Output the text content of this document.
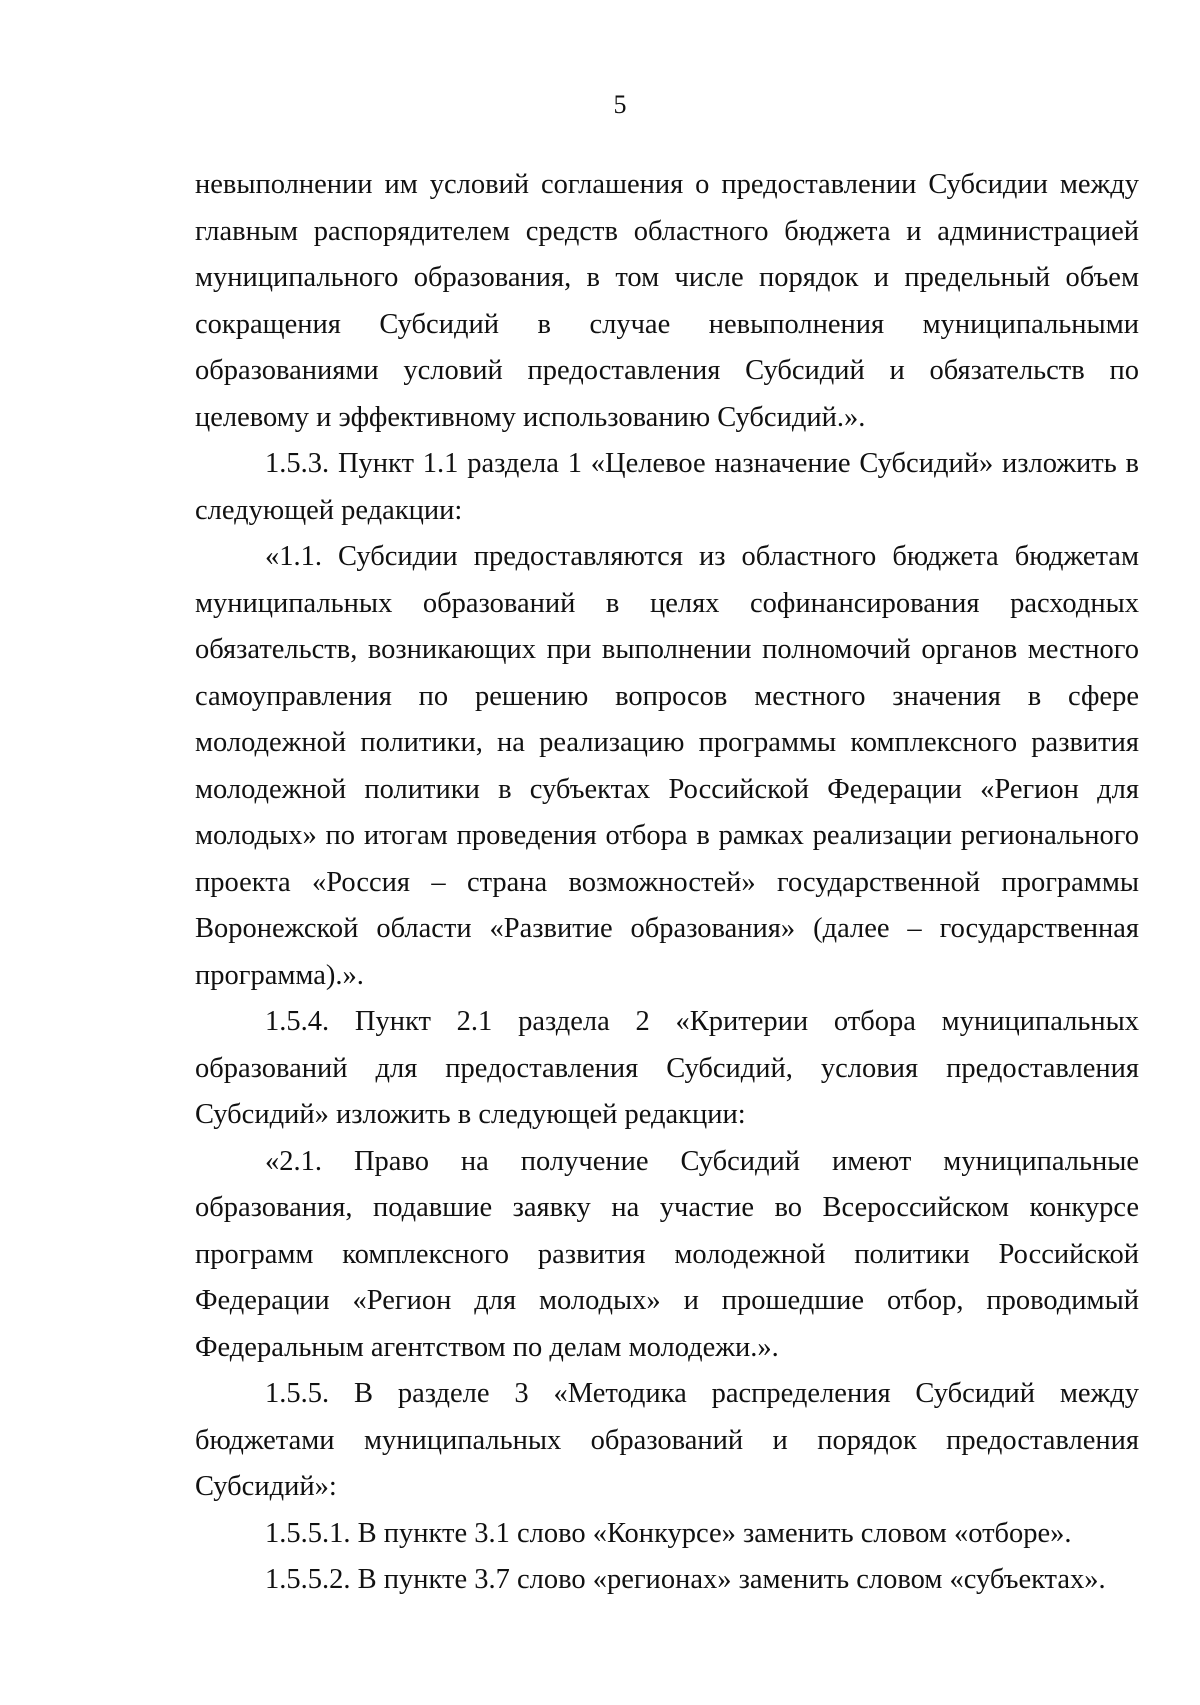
5

невыполнении им условий соглашения о предоставлении Субсидии между главным распорядителем средств областного бюджета и администрацией муниципального образования, в том числе порядок и предельный объем сокращения Субсидий в случае невыполнения муниципальными образованиями условий предоставления Субсидий и обязательств по целевому и эффективному использованию Субсидий.».

1.5.3. Пункт 1.1 раздела 1 «Целевое назначение Субсидий» изложить в следующей редакции:

«1.1. Субсидии предоставляются из областного бюджета бюджетам муниципальных образований в целях софинансирования расходных обязательств, возникающих при выполнении полномочий органов местного самоуправления по решению вопросов местного значения в сфере молодежной политики, на реализацию программы комплексного развития молодежной политики в субъектах Российской Федерации «Регион для молодых» по итогам проведения отбора в рамках реализации регионального проекта «Россия – страна возможностей» государственной программы Воронежской области «Развитие образования» (далее – государственная программа).».

1.5.4. Пункт 2.1 раздела 2 «Критерии отбора муниципальных образований для предоставления Субсидий, условия предоставления Субсидий» изложить в следующей редакции:

«2.1. Право на получение Субсидий имеют муниципальные образования, подавшие заявку на участие во Всероссийском конкурсе программ комплексного развития молодежной политики Российской Федерации «Регион для молодых» и прошедшие отбор, проводимый Федеральным агентством по делам молодежи.».

1.5.5. В разделе 3 «Методика распределения Субсидий между бюджетами муниципальных образований и порядок предоставления Субсидий»:

1.5.5.1. В пункте 3.1 слово «Конкурсе» заменить словом «отборе».

1.5.5.2. В пункте 3.7 слово «регионах» заменить словом «субъектах».
